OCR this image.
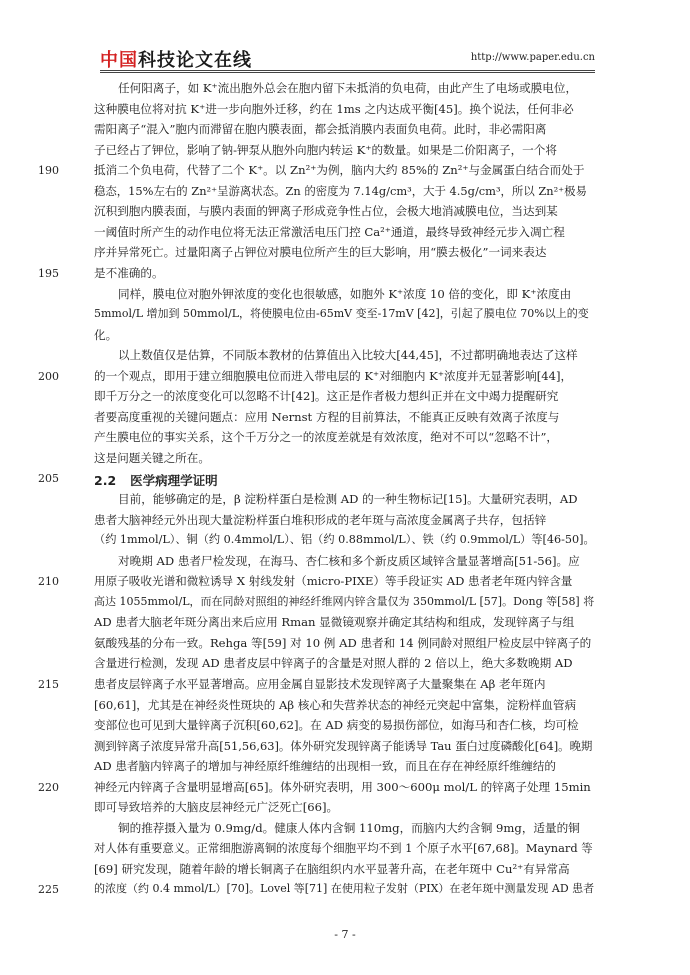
中国科技论文在线	http://www.paper.edu.cn
任何阳离子，如 K⁺流出胞外总会在胞内留下未抵消的负电荷，由此产生了电场或膜电位，
这种膜电位将对抗 K⁺进一步向胞外迁移，约在 1ms 之内达成平衡[45]。换个说法，任何非必
需阳离子“混入”胞内而滞留在胞内膜表面，都会抵消膜内表面负电荷。此时，非必需阳离
子已经占了钾位，影响了钠-钾泵从胞外向胞内转运 K⁺的数量。如果是二价阳离子，一个将
抵消二个负电荷，代替了二个 K⁺。以 Zn²⁺为例，脑内大约 85%的 Zn²⁺与金属蛋白结合而处于
190
稳态，15%左右的 Zn²⁺呈游离状态。Zn 的密度为 7.14g/cm³，大于 4.5g/cm³，所以 Zn²⁺极易
沉积到胞内膜表面，与膜内表面的钾离子形成竞争性占位，会极大地消减膜电位，当达到某
一阈值时所产生的动作电位将无法正常激活电压门控 Ca²⁺通道，最终导致神经元步入凋亡程
序并异常死亡。过量阳离子占钾位对膜电位所产生的巨大影响，用“膜去极化”一词来表达
是不准确的。
195
同样，膜电位对胞外钾浓度的变化也很敏感，如胞外 K⁺浓度 10 倍的变化，即 K⁺浓度由
5mmol/L 增加到 50mmol/L，将使膜电位由-65mV 变至-17mV [42]，引起了膜电位 70%以上的变
化。
以上数值仅是估算，不同版本教材的估算值出入比较大[44,45]，不过都明确地表达了这样
的一个观点，即用于建立细胞膜电位而进入带电层的 K⁺对细胞内 K⁺浓度并无显著影响[44]，
200
即千万分之一的浓度变化可以忽略不计[42]。这正是作者极力想纠正并在文中竭力提醒研究
者要高度重视的关键问题点：应用 Nernst 方程的目前算法，不能真正反映有效离子浓度与
产生膜电位的事实关系，这个千万分之一的浓度差就是有效浓度，绝对不可以“忽略不计”，
这是问题关键之所在。
2.2 医学病理学证明
205
目前，能够确定的是，β 淀粉样蛋白是检测 AD 的一种生物标记[15]。大量研究表明，AD
患者大脑神经元外出现大量淀粉样蛋白堆积形成的老年斑与高浓度金属离子共存，包括锌
（约 1mmol/L）、铜（约 0.4mmol/L）、铝（约 0.88mmol/L）、铁（约 0.9mmol/L）等[46-50]。
对晚期 AD 患者尸检发现，在海马、杏仁核和多个新皮质区域锌含量显著增高[51-56]。应
用原子吸收光谱和微粒诱导 X 射线发射（micro-PIXE）等手段证实 AD 患者老年斑内锌含量
210
高达 1055mmol/L，而在同龄对照组的神经纤维网内锌含量仅为 350mmol/L [57]。Dong 等[58] 将
AD 患者大脑老年斑分离出来后应用 Rman 显微镜观察并确定其结构和组成，发现锌离子与组
氨酸残基的分布一致。Rehga 等[59] 对 10 例 AD 患者和 14 例同龄对照组尸检皮层中锌离子的
含量进行检测，发现 AD 患者皮层中锌离子的含量是对照人群的 2 倍以上，绝大多数晚期 AD
患者皮层锌离子水平显著增高。应用金属自显影技术发现锌离子大量聚集在 Aβ 老年斑内
215
[60,61]，尤其是在神经炎性斑块的 Aβ 核心和失营养状态的神经元突起中富集，淀粉样血管病
变部位也可见到大量锌离子沉积[60,62]。在 AD 病变的易损伤部位，如海马和杏仁核，均可检
测到锌离子浓度异常升高[51,56,63]。体外研究发现锌离子能诱导 Tau 蛋白过度磷酸化[64]。晚期
AD 患者脑内锌离子的增加与神经原纤维缠结的出现相一致，而且在存在神经原纤维缠结的
神经元内锌离子含量明显增高[65]。体外研究表明，用 300～600μ mol/L 的锌离子处理 15min
220
即可导致培养的大脑皮层神经元广泛死亡[66]。
铜的推荐摄入量为 0.9mg/d。健康人体内含铜 110mg，而脑内大约含铜 9mg，适量的铜
对人体有重要意义。正常细胞游离铜的浓度每个细胞平均不到 1 个原子水平[67,68]。Maynard 等
[69] 研究发现，随着年龄的增长铜离子在脑组织内水平显著升高，在老年斑中 Cu²⁺有异常高
的浓度（约 0.4 mmol/L）[70]。Lovel 等[71] 在使用粒子发射（PIX）在老年斑中测量发现 AD 患者
225
- 7 -
